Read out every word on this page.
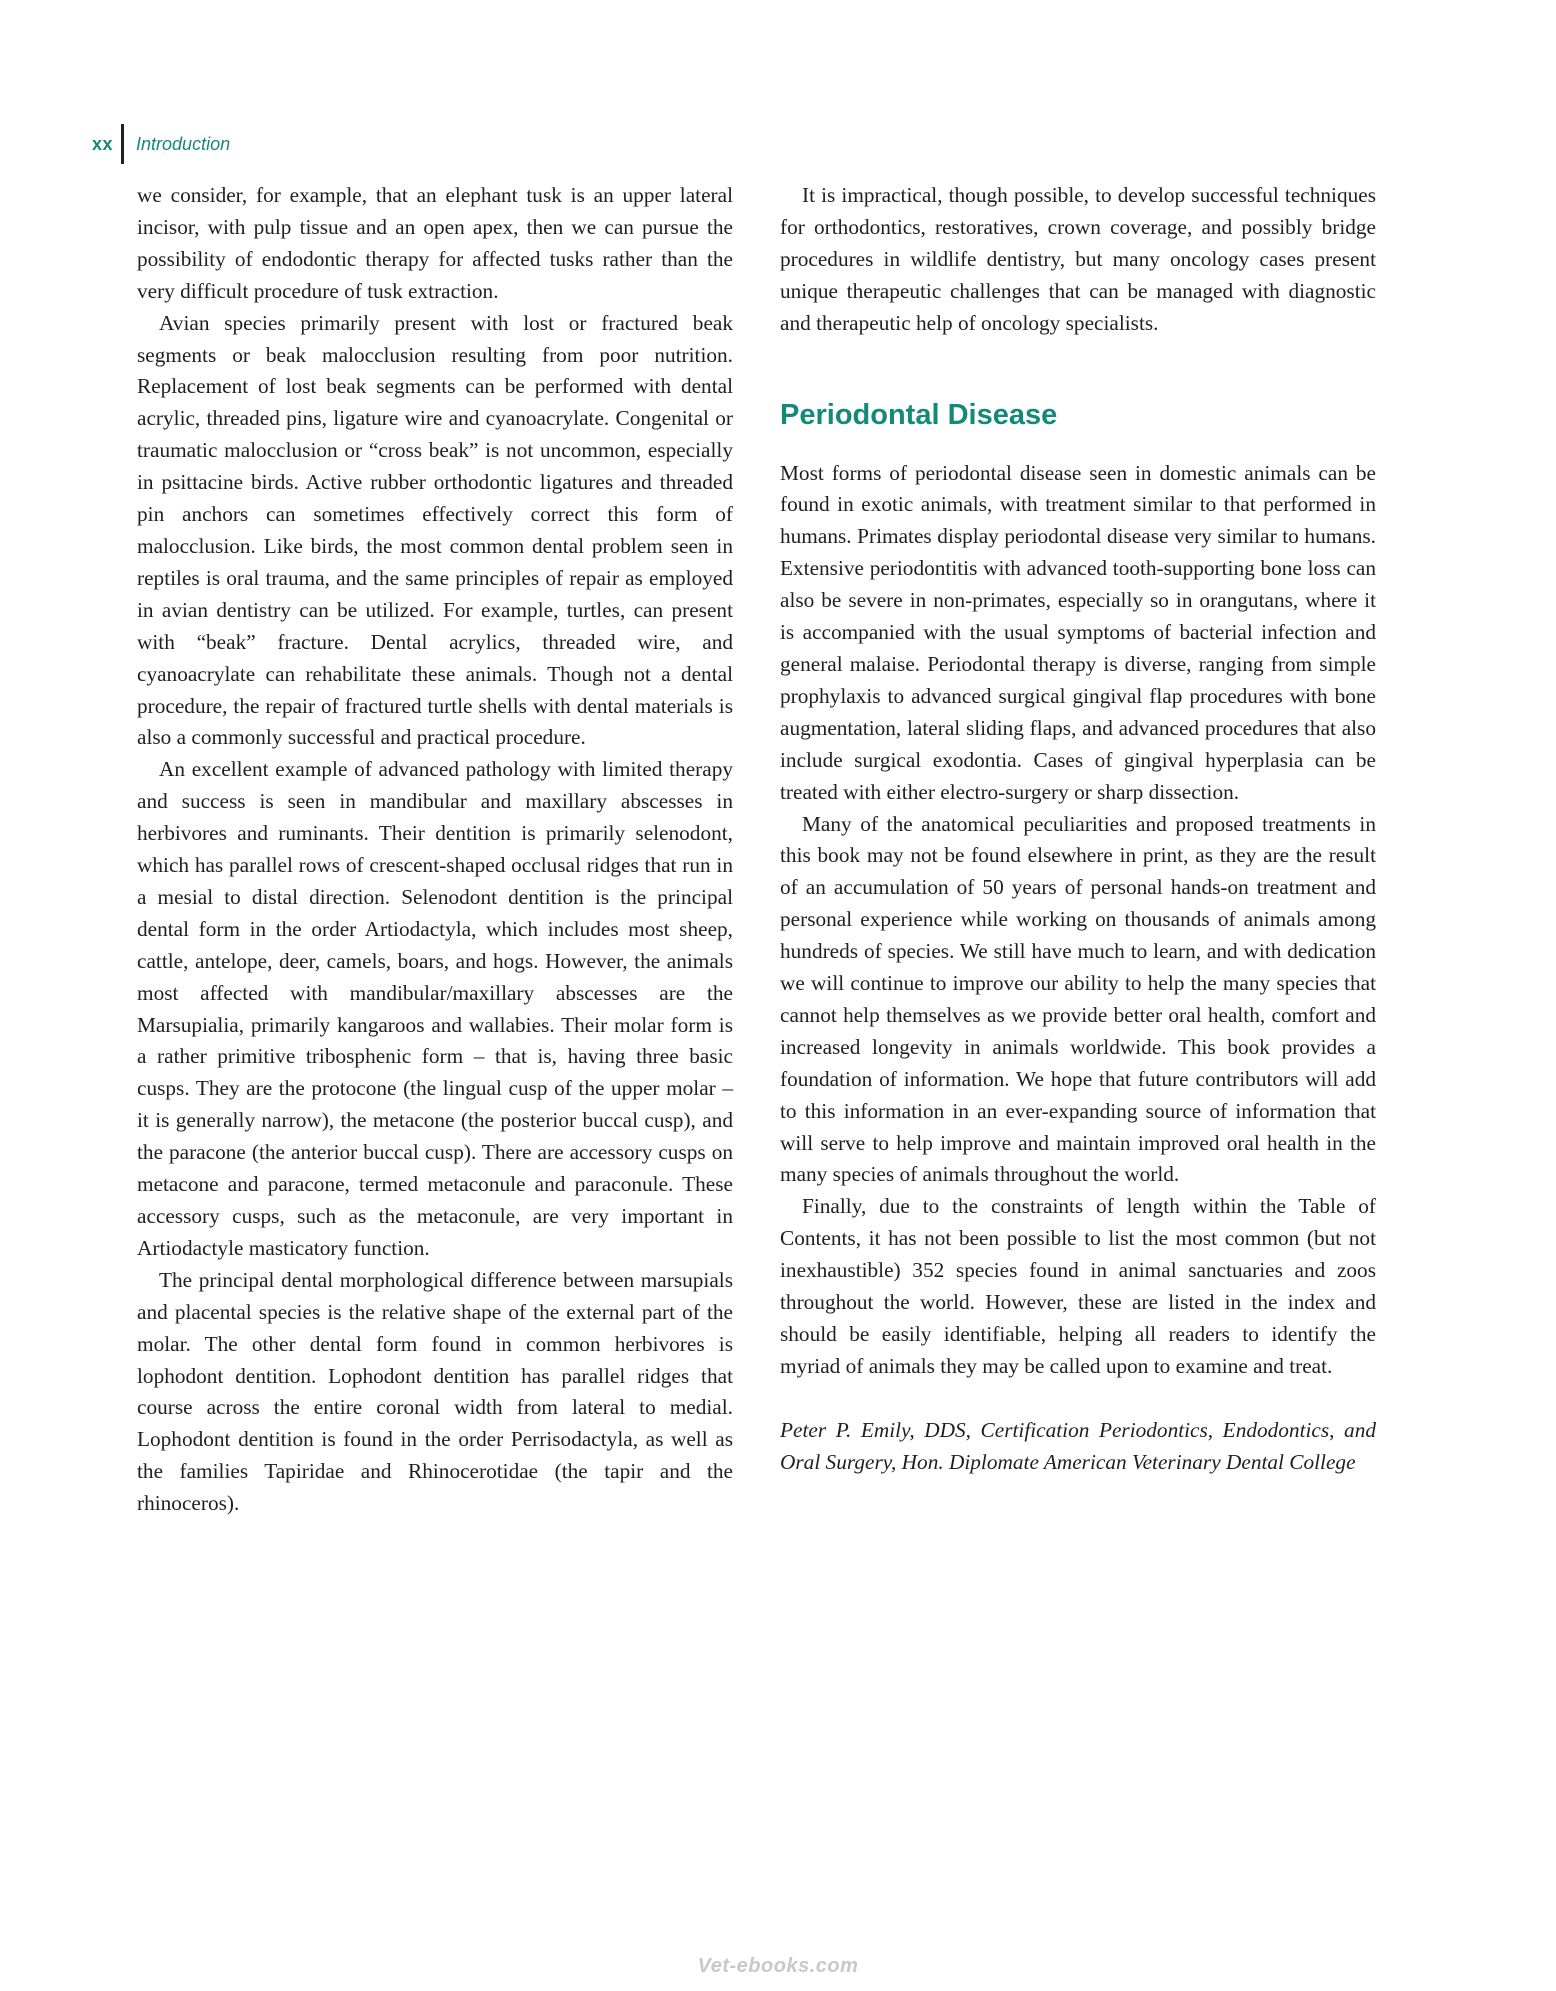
xx	Introduction

we consider, for example, that an elephant tusk is an upper lateral incisor, with pulp tissue and an open apex, then we can pursue the possibility of endodontic therapy for affected tusks rather than the very difficult procedure of tusk extraction.

Avian species primarily present with lost or fractured beak segments or beak malocclusion resulting from poor nutrition. Replacement of lost beak segments can be performed with dental acrylic, threaded pins, ligature wire and cyanoacrylate. Congenital or traumatic malocclusion or “cross beak” is not uncommon, especially in psittacine birds. Active rubber orthodontic ligatures and threaded pin anchors can sometimes effectively correct this form of malocclusion. Like birds, the most common dental problem seen in reptiles is oral trauma, and the same principles of repair as employed in avian dentistry can be utilized. For example, turtles, can present with “beak” fracture. Dental acrylics, threaded wire, and cyanoacrylate can rehabilitate these animals. Though not a dental procedure, the repair of fractured turtle shells with dental materials is also a commonly successful and practical procedure.

An excellent example of advanced pathology with limited therapy and success is seen in mandibular and maxillary abscesses in herbivores and ruminants. Their dentition is primarily selenodont, which has parallel rows of crescent-shaped occlusal ridges that run in a mesial to distal direction. Selenodont dentition is the principal dental form in the order Artiodactyla, which includes most sheep, cattle, antelope, deer, camels, boars, and hogs. However, the animals most affected with mandibular/maxillary abscesses are the Marsupialia, primarily kangaroos and wallabies. Their molar form is a rather primitive tribosphenic form – that is, having three basic cusps. They are the protocone (the lingual cusp of the upper molar – it is generally narrow), the metacone (the posterior buccal cusp), and the paracone (the anterior buccal cusp). There are accessory cusps on metacone and paracone, termed metaconule and paraconule. These accessory cusps, such as the metaconule, are very important in Artiodactyle masticatory function.

The principal dental morphological difference between marsupials and placental species is the relative shape of the external part of the molar. The other dental form found in common herbivores is lophodont dentition. Lophodont dentition has parallel ridges that course across the entire coronal width from lateral to medial. Lophodont dentition is found in the order Perrisodactyla, as well as the families Tapiridae and Rhinocerotidae (the tapir and the rhinoceros).

It is impractical, though possible, to develop successful techniques for orthodontics, restoratives, crown coverage, and possibly bridge procedures in wildlife dentistry, but many oncology cases present unique therapeutic challenges that can be managed with diagnostic and therapeutic help of oncology specialists.

Periodontal Disease

Most forms of periodontal disease seen in domestic animals can be found in exotic animals, with treatment similar to that performed in humans. Primates display periodontal disease very similar to humans. Extensive periodontitis with advanced tooth-supporting bone loss can also be severe in non-primates, especially so in orangutans, where it is accompanied with the usual symptoms of bacterial infection and general malaise. Periodontal therapy is diverse, ranging from simple prophylaxis to advanced surgical gingival flap procedures with bone augmentation, lateral sliding flaps, and advanced procedures that also include surgical exodontia. Cases of gingival hyperplasia can be treated with either electro-surgery or sharp dissection.

Many of the anatomical peculiarities and proposed treatments in this book may not be found elsewhere in print, as they are the result of an accumulation of 50 years of personal hands-on treatment and personal experience while working on thousands of animals among hundreds of species. We still have much to learn, and with dedication we will continue to improve our ability to help the many species that cannot help themselves as we provide better oral health, comfort and increased longevity in animals worldwide. This book provides a foundation of information. We hope that future contributors will add to this information in an ever-expanding source of information that will serve to help improve and maintain improved oral health in the many species of animals throughout the world.

Finally, due to the constraints of length within the Table of Contents, it has not been possible to list the most common (but not inexhaustible) 352 species found in animal sanctuaries and zoos throughout the world. However, these are listed in the index and should be easily identifiable, helping all readers to identify the myriad of animals they may be called upon to examine and treat.

Peter P. Emily, DDS, Certification Periodontics, Endodontics, and Oral Surgery, Hon. Diplomate American Veterinary Dental College

Vet-ebooks.com
